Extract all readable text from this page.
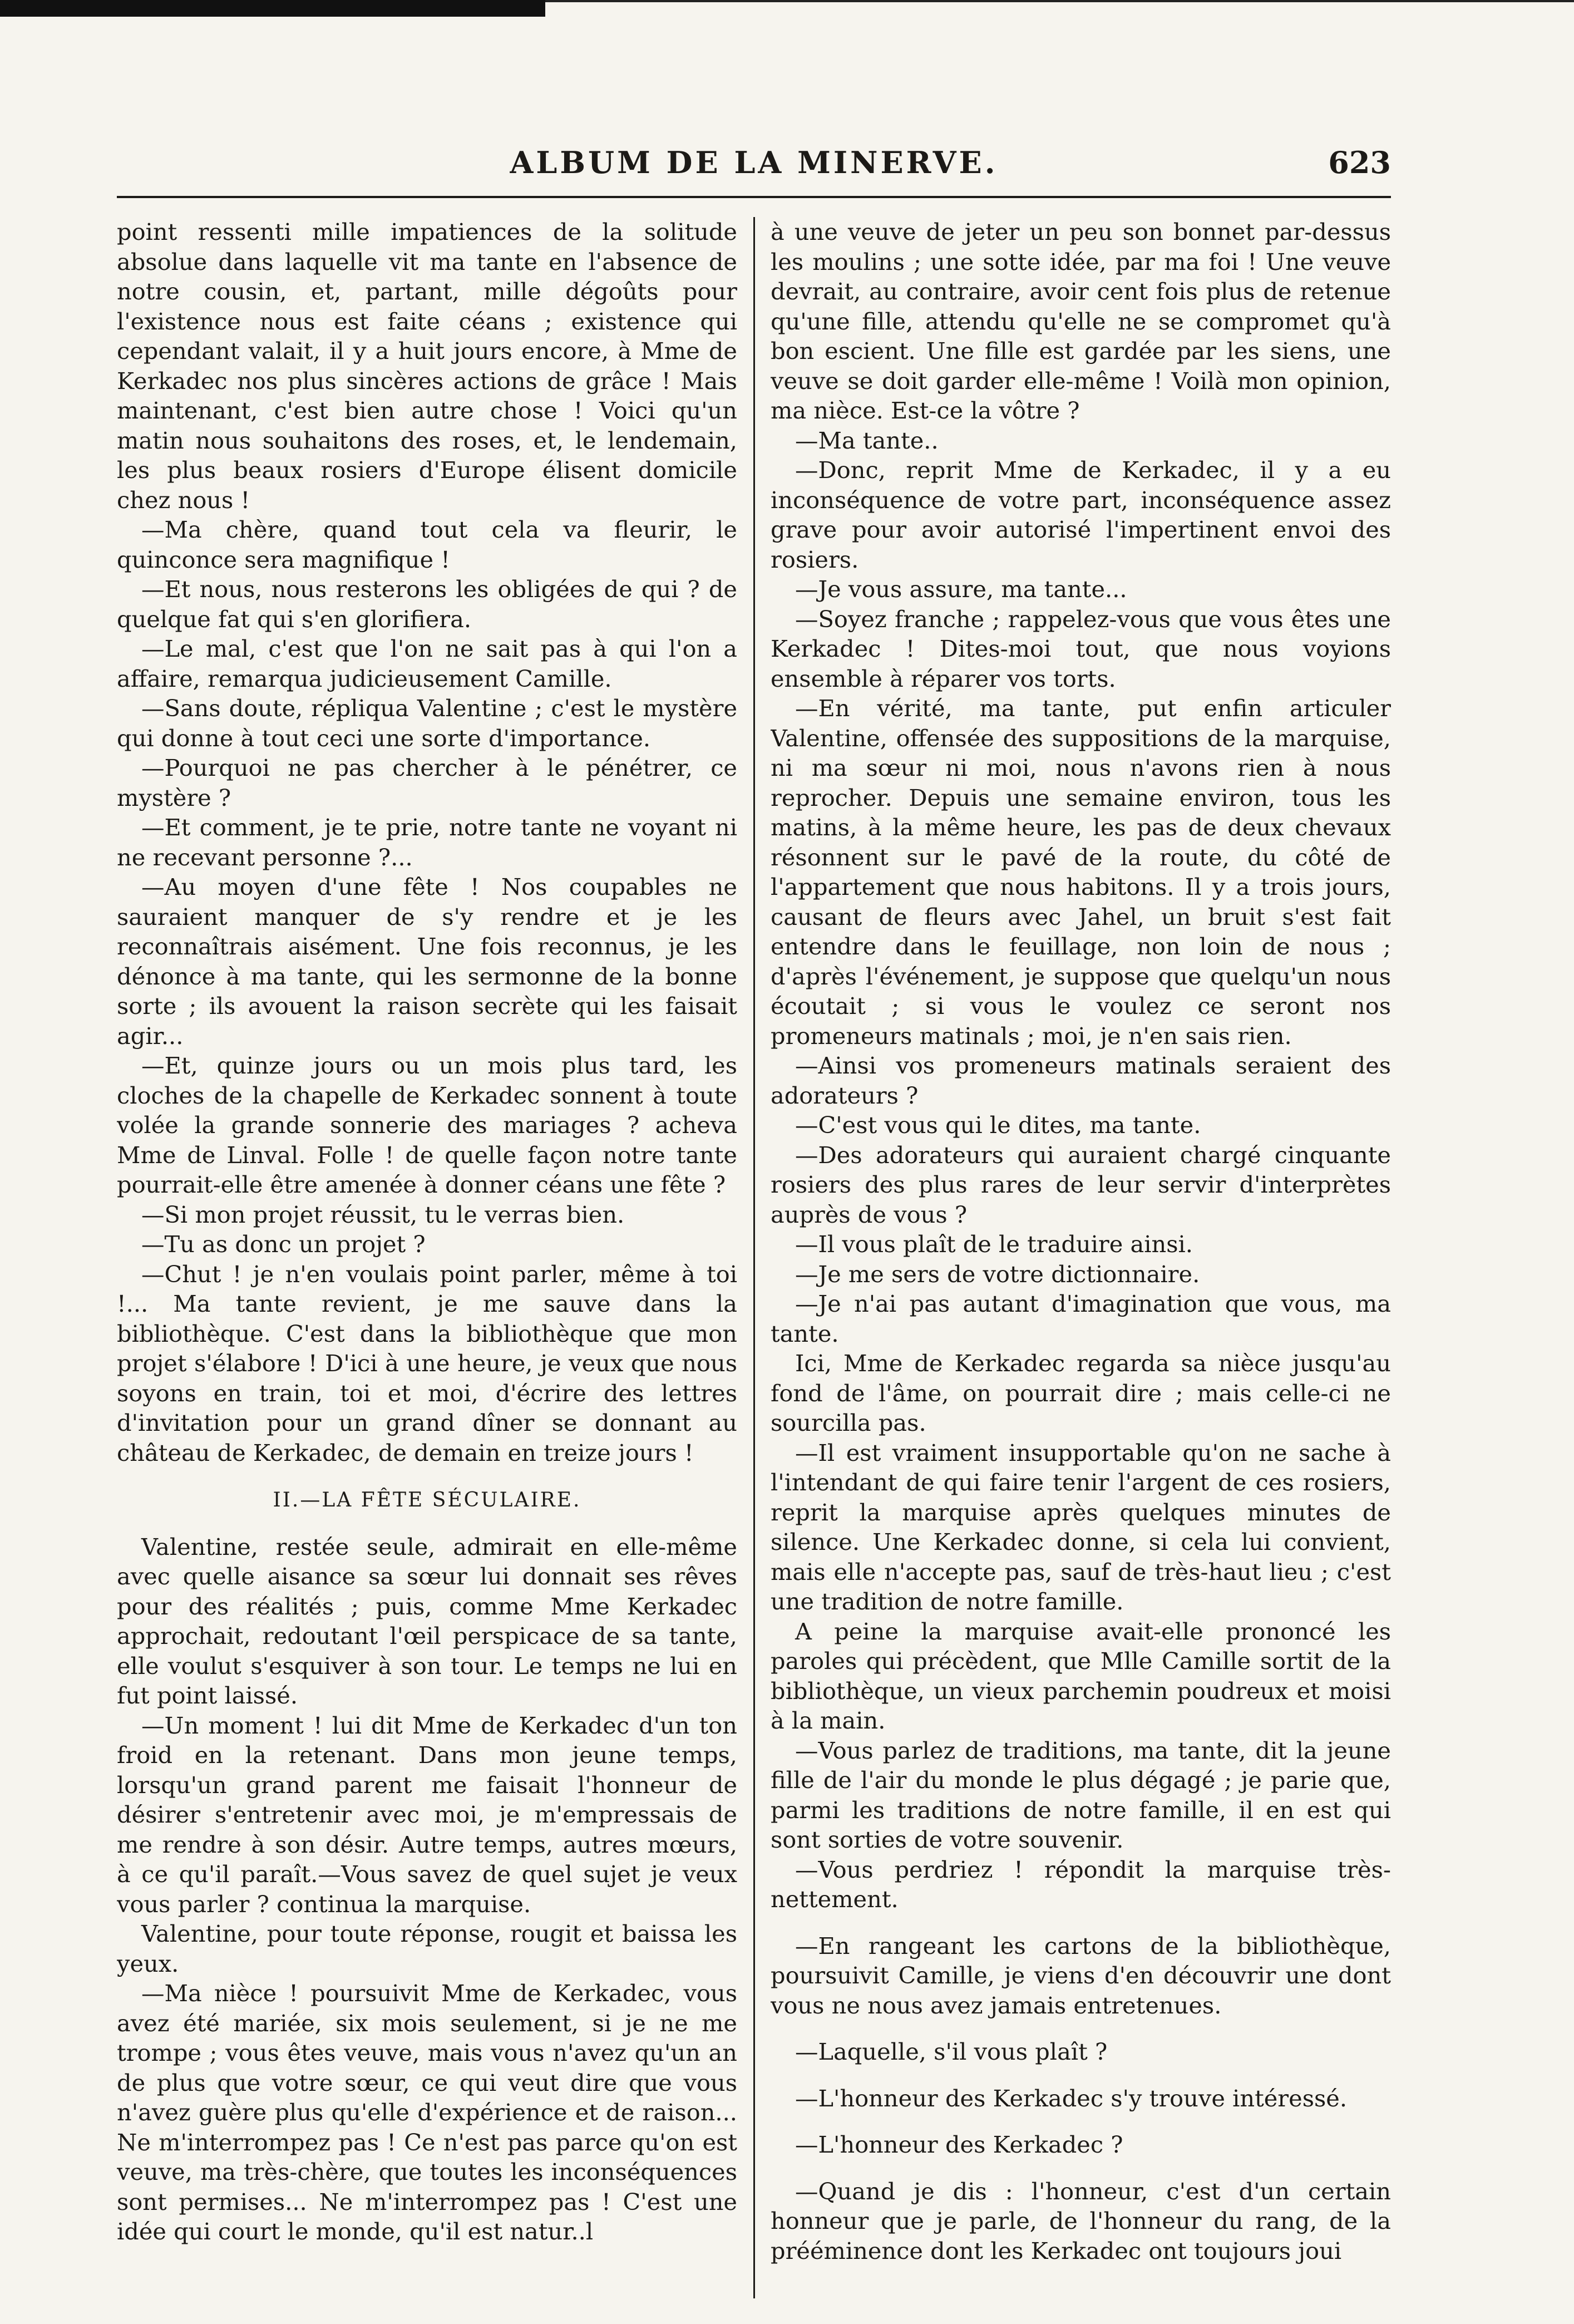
ALBUM DE LA MINERVE.	623

point ressenti mille impatiences de la solitude absolue dans laquelle vit ma tante en l'absence de notre cousin, et, partant, mille dégoûts pour l'existence nous est faite céans ; existence qui cependant valait, il y a huit jours encore, à Mme de Kerkadec nos plus sincères actions de grâce ! Mais maintenant, c'est bien autre chose ! Voici qu'un matin nous souhaitons des roses, et, le lendemain, les plus beaux rosiers d'Europe élisent domicile chez nous !

—Ma chère, quand tout cela va fleurir, le quinconce sera magnifique !

—Et nous, nous resterons les obligées de qui ? de quelque fat qui s'en glorifiera.

—Le mal, c'est que l'on ne sait pas à qui l'on a affaire, remarqua judicieusement Camille.

—Sans doute, répliqua Valentine ; c'est le mystère qui donne à tout ceci une sorte d'importance.

—Pourquoi ne pas chercher à le pénétrer, ce mystère ?

—Et comment, je te prie, notre tante ne voyant ni ne recevant personne ?...

—Au moyen d'une fête ! Nos coupables ne sauraient manquer de s'y rendre et je les reconnaîtrais aisément. Une fois reconnus, je les dénonce à ma tante, qui les sermonne de la bonne sorte ; ils avouent la raison secrète qui les faisait agir...

—Et, quinze jours ou un mois plus tard, les cloches de la chapelle de Kerkadec sonnent à toute volée la grande sonnerie des mariages ? acheva Mme de Linval. Folle ! de quelle façon notre tante pourrait-elle être amenée à donner céans une fête ?

—Si mon projet réussit, tu le verras bien.

—Tu as donc un projet ?

—Chut ! je n'en voulais point parler, même à toi !... Ma tante revient, je me sauve dans la bibliothèque. C'est dans la bibliothèque que mon projet s'élabore ! D'ici à une heure, je veux que nous soyons en train, toi et moi, d'écrire des lettres d'invitation pour un grand dîner se donnant au château de Kerkadec, de demain en treize jours !

II.—LA FÊTE SÉCULAIRE.

Valentine, restée seule, admirait en elle-même avec quelle aisance sa sœur lui donnait ses rêves pour des réalités ; puis, comme Mme Kerkadec approchait, redoutant l'œil perspicace de sa tante, elle voulut s'esquiver à son tour. Le temps ne lui en fut point laissé.

—Un moment ! lui dit Mme de Kerkadec d'un ton froid en la retenant. Dans mon jeune temps, lorsqu'un grand parent me faisait l'honneur de désirer s'entretenir avec moi, je m'empressais de me rendre à son désir. Autre temps, autres mœurs, à ce qu'il paraît.—Vous savez de quel sujet je veux vous parler ? continua la marquise.

Valentine, pour toute réponse, rougit et baissa les yeux.

—Ma nièce ! poursuivit Mme de Kerkadec, vous avez été mariée, six mois seulement, si je ne me trompe ; vous êtes veuve, mais vous n'avez qu'un an de plus que votre sœur, ce qui veut dire que vous n'avez guère plus qu'elle d'expérience et de raison... Ne m'interrompez pas ! Ce n'est pas parce qu'on est veuve, ma très-chère, que toutes les inconséquences sont permises... Ne m'interrompez pas ! C'est une idée qui court le monde, qu'il est natur..l

à une veuve de jeter un peu son bonnet par-dessus les moulins ; une sotte idée, par ma foi ! Une veuve devrait, au contraire, avoir cent fois plus de retenue qu'une fille, attendu qu'elle ne se compromet qu'à bon escient. Une fille est gardée par les siens, une veuve se doit garder elle-même ! Voilà mon opinion, ma nièce. Est-ce la vôtre ?

—Ma tante..

—Donc, reprit Mme de Kerkadec, il y a eu inconséquence de votre part, inconséquence assez grave pour avoir autorisé l'impertinent envoi des rosiers.

—Je vous assure, ma tante...

—Soyez franche ; rappelez-vous que vous êtes une Kerkadec ! Dites-moi tout, que nous voyions ensemble à réparer vos torts.

—En vérité, ma tante, put enfin articuler Valentine, offensée des suppositions de la marquise, ni ma sœur ni moi, nous n'avons rien à nous reprocher. Depuis une semaine environ, tous les matins, à la même heure, les pas de deux chevaux résonnent sur le pavé de la route, du côté de l'appartement que nous habitons. Il y a trois jours, causant de fleurs avec Jahel, un bruit s'est fait entendre dans le feuillage, non loin de nous ; d'après l'événement, je suppose que quelqu'un nous écoutait ; si vous le voulez ce seront nos promeneurs matinals ; moi, je n'en sais rien.

—Ainsi vos promeneurs matinals seraient des adorateurs ?

—C'est vous qui le dites, ma tante.

—Des adorateurs qui auraient chargé cinquante rosiers des plus rares de leur servir d'interprètes auprès de vous ?

—Il vous plaît de le traduire ainsi.

—Je me sers de votre dictionnaire.

—Je n'ai pas autant d'imagination que vous, ma tante.

Ici, Mme de Kerkadec regarda sa nièce jusqu'au fond de l'âme, on pourrait dire ; mais celle-ci ne sourcilla pas.

—Il est vraiment insupportable qu'on ne sache à l'intendant de qui faire tenir l'argent de ces rosiers, reprit la marquise après quelques minutes de silence. Une Kerkadec donne, si cela lui convient, mais elle n'accepte pas, sauf de très-haut lieu ; c'est une tradition de notre famille.

A peine la marquise avait-elle prononcé les paroles qui précèdent, que Mlle Camille sortit de la bibliothèque, un vieux parchemin poudreux et moisi à la main.

—Vous parlez de traditions, ma tante, dit la jeune fille de l'air du monde le plus dégagé ; je parie que, parmi les traditions de notre famille, il en est qui sont sorties de votre souvenir.

—Vous perdriez ! répondit la marquise très-nettement.

—En rangeant les cartons de la bibliothèque, poursuivit Camille, je viens d'en découvrir une dont vous ne nous avez jamais entretenues.

—Laquelle, s'il vous plaît ?

—L'honneur des Kerkadec s'y trouve intéressé.

—L'honneur des Kerkadec ?

—Quand je dis : l'honneur, c'est d'un certain honneur que je parle, de l'honneur du rang, de la prééminence dont les Kerkadec ont toujours joui
